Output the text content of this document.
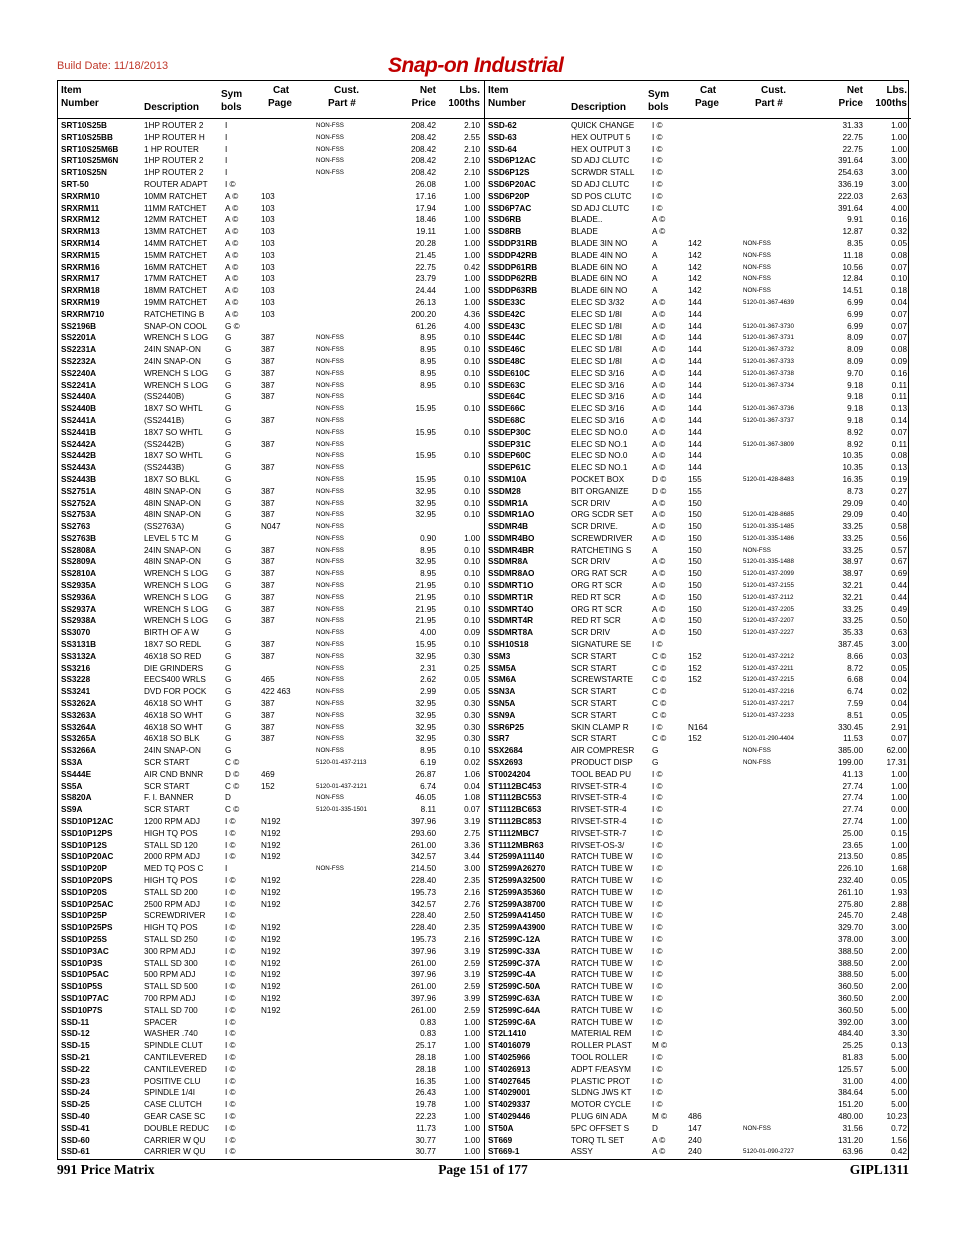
Build Date: 11/18/2013	Snap-on Industrial
Item
Number	Description
Sym
bols
Cat
Page
Cust.
Part #
Net
Price
Lbs.
100ths
SRT10S25B	1HP ROUTER 2	I	NON-FSS	208.42	2.10
SRT10S25BB	1HP ROUTER H	I	NON-FSS	208.42	2.55
SRT10S25M6B	1 HP ROUTER	I	NON-FSS	208.42	2.10
SRT10S25M6N	1HP ROUTER 2	I	NON-FSS	208.42	2.10
SRT10S25N	1HP ROUTER 2	I	NON-FSS	208.42	2.10
SRT-50	ROUTER ADAPT	I ©	26.08	1.00
SRXRM10	10MM RATCHET	A ©	103	17.16	1.00
SRXRM11	11MM RATCHET	A ©	103	17.94	1.00
SRXRM12	12MM RATCHET	A ©	103	18.46	1.00
SRXRM13	13MM RATCHET	A ©	103	19.11	1.00
SRXRM14	14MM RATCHET	A ©	103	20.28	1.00
SRXRM15	15MM RATCHET	A ©	103	21.45	1.00
SRXRM16	16MM RATCHET	A ©	103	22.75	0.42
SRXRM17	17MM RATCHET	A ©	103	23.79	1.00
SRXRM18	18MM RATCHET	A ©	103	24.44	1.00
SRXRM19	19MM RATCHET	A ©	103	26.13	1.00
SRXRM710	RATCHETING B	A ©	103	200.20	4.36
SS2196B	SNAP-ON COOL	G ©	61.26	4.00
SS2201A	WRENCH S LOG	G	387	NON-FSS	8.95	0.10
SS2231A	24IN SNAP-ON	G	387	NON-FSS	8.95	0.10
SS2232A	24IN SNAP-ON	G	387	NON-FSS	8.95	0.10
SS2240A	WRENCH S LOG	G	387	NON-FSS	8.95	0.10
SS2241A	WRENCH S LOG	G	387	NON-FSS	8.95	0.10
SS2440A	(SS2440B)	G	387	NON-FSS
SS2440B	18X7 SO WHTL	G	NON-FSS	15.95	0.10
SS2441A	(SS2441B)	G	387	NON-FSS
SS2441B	18X7 SO WHTL	G	NON-FSS	15.95	0.10
SS2442A	(SS2442B)	G	387	NON-FSS
SS2442B	18X7 SO WHTL	G	NON-FSS	15.95	0.10
SS2443A	(SS2443B)	G	387	NON-FSS
SS2443B	18X7 SO BLKL	G	NON-FSS	15.95	0.10
SS2751A	48IN SNAP-ON	G	387	NON-FSS	32.95	0.10
SS2752A	48IN SNAP-ON	G	387	NON-FSS	32.95	0.10
SS2753A	48IN SNAP-ON	G	387	NON-FSS	32.95	0.10
SS2763	(SS2763A)	G	N047	NON-FSS
SS2763B	LEVEL 5 TC M	G	NON-FSS	0.90	1.00
SS2808A	24IN SNAP-ON	G	387	NON-FSS	8.95	0.10
SS2809A	48IN SNAP-ON	G	387	NON-FSS	32.95	0.10
SS2810A	WRENCH S LOG	G	387	NON-FSS	8.95	0.10
SS2935A	WRENCH S LOG	G	387	NON-FSS	21.95	0.10
SS2936A	WRENCH S LOG	G	387	NON-FSS	21.95	0.10
SS2937A	WRENCH S LOG	G	387	NON-FSS	21.95	0.10
SS2938A	WRENCH S LOG	G	387	NON-FSS	21.95	0.10
SS3070	BIRTH OF A W	G	NON-FSS	4.00	0.09
SS3131B	18X7 SO REDL	G	387	NON-FSS	15.95	0.10
SS3132A	46X18 SO RED	G	387	NON-FSS	32.95	0.30
SS3216	DIE GRINDERS	G	NON-FSS	2.31	0.25
SS3228	EECS400 WRLS	G	465	NON-FSS	2.62	0.05
SS3241	DVD FOR POCK	G	422 463	NON-FSS	2.99	0.05
SS3262A	46X18 SO WHT	G	387	NON-FSS	32.95	0.30
SS3263A	46X18 SO WHT	G	387	NON-FSS	32.95	0.30
SS3264A	46X18 SO WHT	G	387	NON-FSS	32.95	0.30
SS3265A	46X18 SO BLK	G	387	NON-FSS	32.95	0.30
SS3266A	24IN SNAP-ON	G	NON-FSS	8.95	0.10
SS3A	SCR START	C ©	5120-01-437-2113	6.19	0.02
SS444E	AIR CND BNNR	D ©	469	26.87	1.06
SS5A	SCR START	C ©	152	5120-01-437-2121	6.74	0.04
SS820A	F. I. BANNER	D	NON-FSS	46.05	1.08
SS9A	SCR START	C ©	5120-01-335-1501	8.11	0.07
SSD10P12AC	1200 RPM ADJ	I ©	N192	397.96	3.19
SSD10P12PS	HIGH TQ POS	I ©	N192	293.60	2.75
SSD10P12S	STALL SD 120	I ©	N192	261.00	3.36
SSD10P20AC	2000 RPM ADJ	I ©	N192	342.57	3.44
SSD10P20P	MED TQ POS C	I	NON-FSS	214.50	3.00
SSD10P20PS	HIGH TQ POS	I ©	N192	228.40	2.35
SSD10P20S	STALL SD 200	I ©	N192	195.73	2.16
SSD10P25AC	2500 RPM ADJ	I ©	N192	342.57	2.76
SSD10P25P	SCREWDRIVER	I ©	228.40	2.50
SSD10P25PS	HIGH TQ POS	I ©	N192	228.40	2.35
SSD10P25S	STALL SD 250	I ©	N192	195.73	2.16
SSD10P3AC	300 RPM ADJ	I ©	N192	397.96	3.19
SSD10P3S	STALL SD 300	I ©	N192	261.00	2.59
SSD10P5AC	500 RPM ADJ	I ©	N192	397.96	3.19
SSD10P5S	STALL SD 500	I ©	N192	261.00	2.59
SSD10P7AC	700 RPM ADJ	I ©	N192	397.96	3.99
SSD10P7S	STALL SD 700	I ©	N192	261.00	2.59
SSD-11	SPACER	I ©	0.83	1.00
SSD-12	WASHER .740	I ©	0.83	1.00
SSD-15	SPINDLE CLUT	I ©	25.17	1.00
SSD-21	CANTILEVERED	I ©	28.18	1.00
SSD-22	CANTILEVERED	I ©	28.18	1.00
SSD-23	POSITIVE CLU	I ©	16.35	1.00
SSD-24	SPINDLE 1/4I	I ©	26.43	1.00
SSD-25	CASE CLUTCH	I ©	19.78	1.00
SSD-40	GEAR CASE SC	I ©	22.23	1.00
SSD-41	DOUBLE REDUC	I ©	11.73	1.00
SSD-60	CARRIER W QU	I ©	30.77	1.00
SSD-61	CARRIER W QU	I ©	30.77	1.00
Item
Number	Description
Sym
bols
Cat
Page
Cust.
Part #
Net
Price
Lbs.
100ths
SSD-62	QUICK CHANGE	I ©	31.33	1.00
SSD-63	HEX OUTPUT 5	I ©	22.75	1.00
SSD-64	HEX OUTPUT 3	I ©	22.75	1.00
SSD6P12AC	SD ADJ CLUTC	I ©	391.64	3.00
SSD6P12S	SCRWDR STALL	I ©	254.63	3.00
SSD6P20AC	SD ADJ CLUTC	I ©	336.19	3.00
SSD6P20P	SD POS CLUTC	I ©	222.03	2.63
SSD6P7AC	SD ADJ CLUTC	I ©	391.64	4.00
SSD6RB	BLADE..	A ©	9.91	0.16
SSD8RB	BLADE	A ©	12.87	0.32
SSDDP31RB	BLADE 3IN NO	A	142	NON-FSS	8.35	0.05
SSDDP42RB	BLADE 4IN NO	A	142	NON-FSS	11.18	0.08
SSDDP61RB	BLADE 6IN NO	A	142	NON-FSS	10.56	0.07
SSDDP62RB	BLADE 6IN NO	A	142	NON-FSS	12.84	0.10
SSDDP63RB	BLADE 6IN NO	A	142	NON-FSS	14.51	0.18
SSDE33C	ELEC SD 3/32	A ©	144	5120-01-367-4639	6.99	0.04
SSDE42C	ELEC SD 1/8I	A ©	144	6.99	0.07
SSDE43C	ELEC SD 1/8I	A ©	144	5120-01-367-3730	6.99	0.07
SSDE44C	ELEC SD 1/8I	A ©	144	5120-01-367-3731	8.09	0.07
SSDE46C	ELEC SD 1/8I	A ©	144	5120-01-367-3732	8.09	0.08
SSDE48C	ELEC SD 1/8I	A ©	144	5120-01-367-3733	8.09	0.09
SSDE610C	ELEC SD 3/16	A ©	144	5120-01-367-3738	9.70	0.16
SSDE63C	ELEC SD 3/16	A ©	144	5120-01-367-3734	9.18	0.11
SSDE64C	ELEC SD 3/16	A ©	144	9.18	0.11
SSDE66C	ELEC SD 3/16	A ©	144	5120-01-367-3736	9.18	0.13
SSDE68C	ELEC SD 3/16	A ©	144	5120-01-367-3737	9.18	0.14
SSDEP30C	ELEC SD NO.0	A ©	144	8.92	0.07
SSDEP31C	ELEC SD NO.1	A ©	144	5120-01-367-3809	8.92	0.11
SSDEP60C	ELEC SD NO.0	A ©	144	10.35	0.08
SSDEP61C	ELEC SD NO.1	A ©	144	10.35	0.13
SSDM10A	POCKET BOX	D ©	155	5120-01-428-8483	16.35	0.19
SSDM28	BIT ORGANIZE	D ©	155	8.73	0.27
SSDMR1A	SCR DRIV	A ©	150	29.09	0.40
SSDMR1AO	ORG SCDR SET	A ©	150	5120-01-428-8685	29.09	0.40
SSDMR4B	SCR DRIVE.	A ©	150	5120-01-335-1485	33.25	0.58
SSDMR4BO	SCREWDRIVER	A ©	150	5120-01-335-1486	33.25	0.56
SSDMR4BR	RATCHETING S	A	150	NON-FSS	33.25	0.57
SSDMR8A	SCR DRIV	A ©	150	5120-01-335-1488	38.97	0.67
SSDMR8AO	ORG RAT SCR	A ©	150	5120-01-437-2099	38.97	0.69
SSDMRT1O	ORG RT SCR	A ©	150	5120-01-437-2155	32.21	0.44
SSDMRT1R	RED RT SCR	A ©	150	5120-01-437-2112	32.21	0.44
SSDMRT4O	ORG RT SCR	A ©	150	5120-01-437-2205	33.25	0.49
SSDMRT4R	RED RT SCR	A ©	150	5120-01-437-2207	33.25	0.50
SSDMRT8A	SCR DRIV	A ©	150	5120-01-437-2227	35.33	0.63
SSH10S18	SIGNATURE SE	I ©	387.45	3.00
SSM3	SCR START	C ©	152	5120-01-437-2212	8.66	0.03
SSM5A	SCR START	C ©	152	5120-01-437-2211	8.72	0.05
SSM6A	SCREWSTARTE	C ©	152	5120-01-437-2215	6.68	0.04
SSN3A	SCR START	C ©	5120-01-437-2216	6.74	0.02
SSN5A	SCR START	C ©	5120-01-437-2217	7.59	0.04
SSN9A	SCR START	C ©	5120-01-437-2233	8.51	0.05
SSR6P25	SKIN CLAMP R	I ©	N164	330.45	2.91
SSR7	SCR START	C ©	152	5120-01-290-4404	11.53	0.07
SSX2684	AIR COMPRESR	G	NON-FSS	385.00	62.00
SSX2693	PRODUCT DISP	G	NON-FSS	199.00	17.31
ST0024204	TOOL BEAD PU	I ©	41.13	1.00
ST1112BC453	RIVSET-STR-4	I ©	27.74	1.00
ST1112BC553	RIVSET-STR-4	I ©	27.74	1.00
ST1112BC653	RIVSET-STR-4	I ©	27.74	0.00
ST1112BC853	RIVSET-STR-4	I ©	27.74	1.00
ST1112MBC7	RIVSET-STR-7	I ©	25.00	0.15
ST1112MBR63	RIVSET-OS-3/	I ©	23.65	1.00
ST2599A11140	RATCH TUBE W	I ©	213.50	0.85
ST2599A26270	RATCH TUBE W	I ©	226.10	1.68
ST2599A32500	RATCH TUBE W	I ©	232.40	0.05
ST2599A35360	RATCH TUBE W	I ©	261.10	1.93
ST2599A38700	RATCH TUBE W	I ©	275.80	2.88
ST2599A41450	RATCH TUBE W	I ©	245.70	2.48
ST2599A43900	RATCH TUBE W	I ©	329.70	3.00
ST2599C-12A	RATCH TUBE W	I ©	378.00	3.00
ST2599C-33A	RATCH TUBE W	I ©	388.50	2.00
ST2599C-37A	RATCH TUBE W	I ©	388.50	2.00
ST2599C-4A	RATCH TUBE W	I ©	388.50	5.00
ST2599C-50A	RATCH TUBE W	I ©	360.50	2.00
ST2599C-63A	RATCH TUBE W	I ©	360.50	2.00
ST2599C-64A	RATCH TUBE W	I ©	360.50	5.00
ST2599C-6A	RATCH TUBE W	I ©	392.00	3.00
ST2L1410	MATERIAL REM	I ©	484.40	3.30
ST4016079	ROLLER PLAST	M ©	25.25	0.13
ST4025966	TOOL ROLLER	I ©	81.83	5.00
ST4026913	ADPT F/EASYM	I ©	125.57	5.00
ST4027645	PLASTIC PROT	I ©	31.00	4.00
ST4029001	SLDNG JWS KT	I ©	384.64	5.00
ST4029337	MOTOR CYCLE	I ©	151.20	5.00
ST4029446	PLUG 6IN ADA	M ©	486	480.00	10.23
ST50A	5PC OFFSET S	D	147	NON-FSS	31.56	0.72
ST669	TORQ TL SET	A ©	240	131.20	1.56
ST669-1	ASSY	A ©	240	5120-01-090-2727	63.96	0.42
991 Price Matrix	Page 151 of 177	GIPL1311
